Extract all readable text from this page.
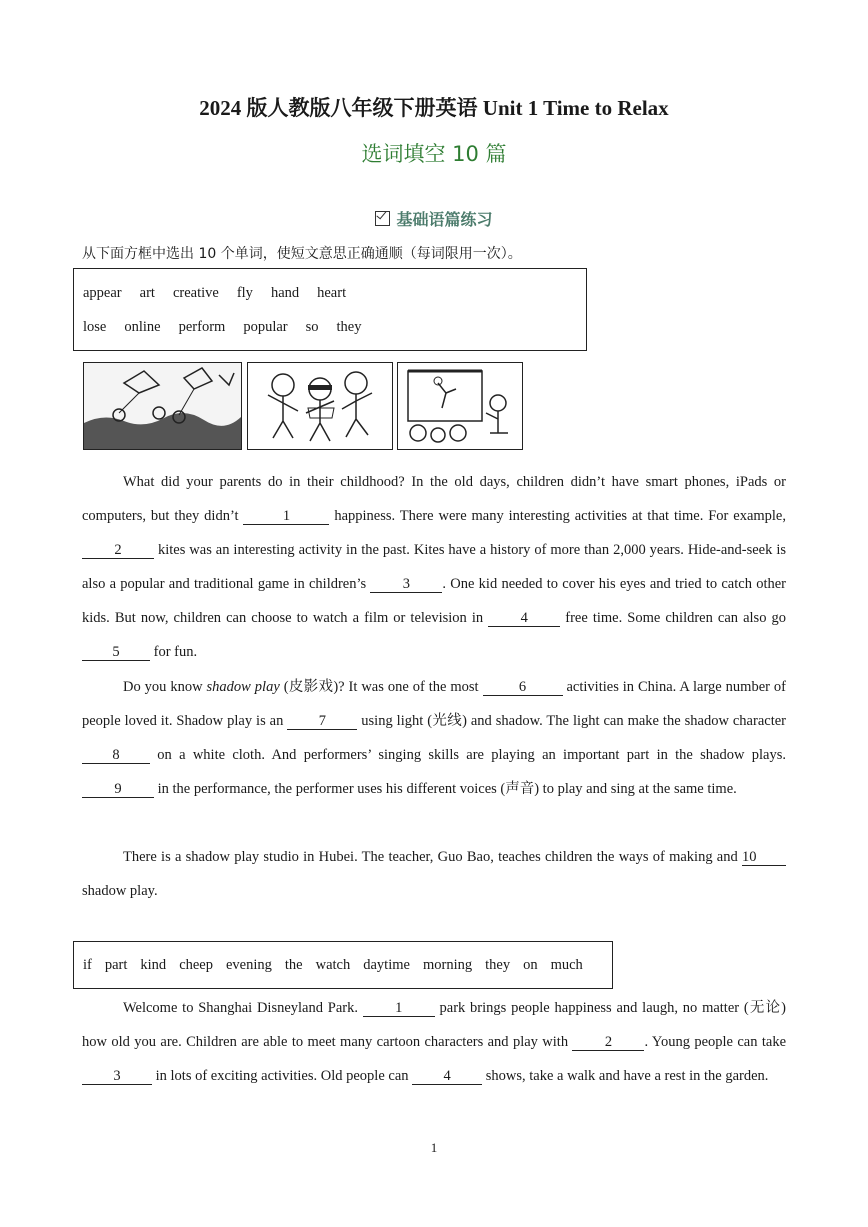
2024 版人教版八年级下册英语 Unit 1 Time to Relax
选词填空 10 篇
基础语篇练习
从下面方框中选出 10 个单词，使短文意思正确通顺（每词限用一次）。
appear art creative fly hand heart
lose online perform popular so they

What did your parents do in their childhood? In the old days, children didn’t have smart phones, iPads or computers, but they didn’t	1	happiness. There were many interesting activities at that time. For example, 2 kites was an interesting activity in the past. Kites have a history of more than 2,000 years. Hide-and-seek is also a popular and traditional game in children’s 3 . One kid needed to cover his eyes and tried to catch other kids. But now, children can choose to watch a film or television in 4 free time. Some children can also go 5 for fun.

Do you know shadow play (皮影戏)? It was one of the most	6	activities in China. A large number of people loved it. Shadow play is an 7 using light (光线) and shadow. The light can make the shadow character 8 on a white cloth. And performers’ singing skills are playing an important part in the shadow plays. 9 in the performance, the performer uses his different voices (声音) to play and sing at the same time.

There is a shadow play studio in Hubei. The teacher, Guo Bao, teaches children the ways of making and 10 shadow play.

if part kind cheep evening the watch daytime morning they on much

Welcome to Shanghai Disneyland Park. 1 park brings people happiness and laugh, no matter (无论) how old you are. Children are able to meet many cartoon characters and play with 2 . Young people can take 3 in lots of exciting activities. Old people can 4 shows, take a walk and have a rest in the garden.

1
